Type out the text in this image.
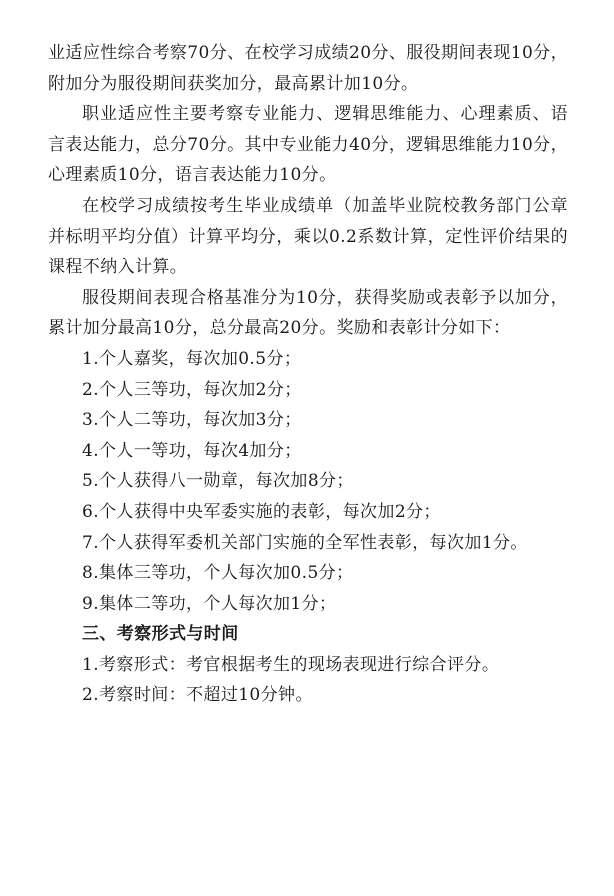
业适应性综合考察70分、在校学习成绩20分、服役期间表现10分，附加分为服役期间获奖加分，最高累计加10分。

职业适应性主要考察专业能力、逻辑思维能力、心理素质、语言表达能力，总分70分。其中专业能力40分，逻辑思维能力10分，心理素质10分，语言表达能力10分。

在校学习成绩按考生毕业成绩单（加盖毕业院校教务部门公章并标明平均分值）计算平均分，乘以0.2系数计算，定性评价结果的课程不纳入计算。

服役期间表现合格基准分为10分，获得奖励或表彰予以加分，累计加分最高10分，总分最高20分。奖励和表彰计分如下：

1.个人嘉奖，每次加0.5分；

2.个人三等功，每次加2分；

3.个人二等功，每次加3分；

4.个人一等功，每次4加分；

5.个人获得八一勋章，每次加8分；

6.个人获得中央军委实施的表彰，每次加2分；

7.个人获得军委机关部门实施的全军性表彰，每次加1分。

8.集体三等功，个人每次加0.5分；

9.集体二等功，个人每次加1分；

三、考察形式与时间

1.考察形式：考官根据考生的现场表现进行综合评分。

2.考察时间：不超过10分钟。
